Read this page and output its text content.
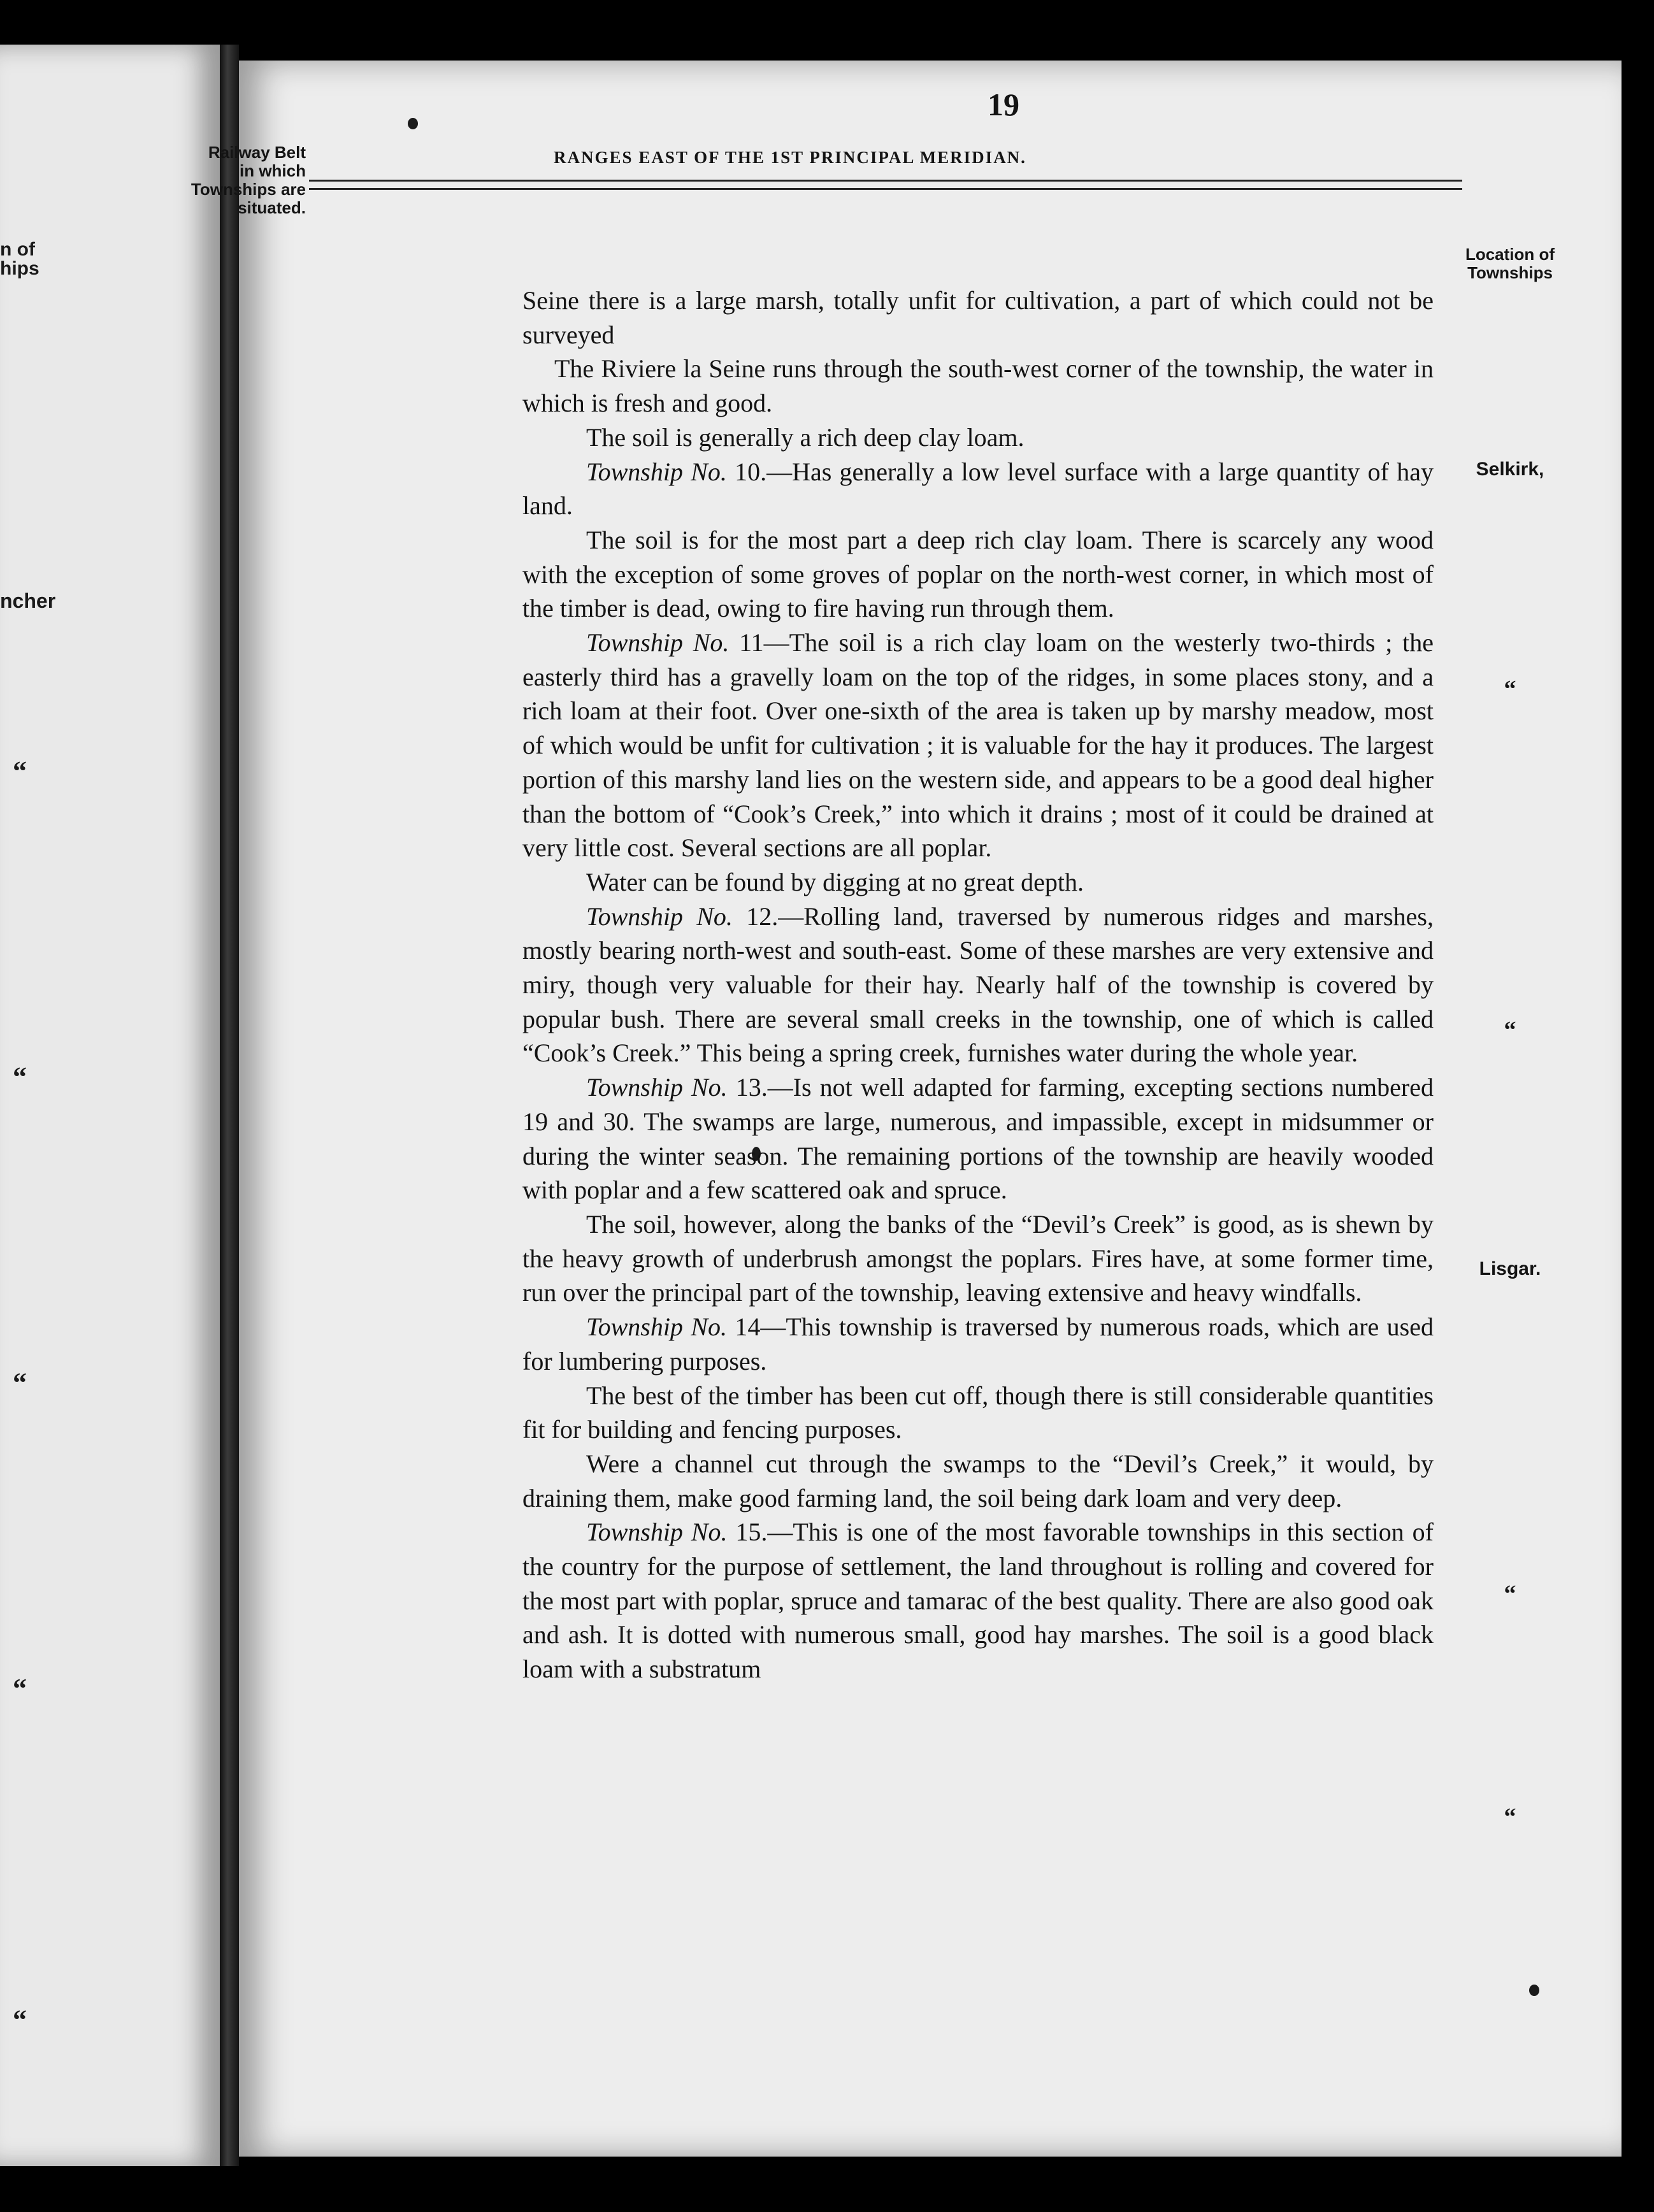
n of
hips
ncher
“
“
“
“
“
19
Railway Belt
in which
Townships are
situated.
RANGES EAST OF THE 1ST PRINCIPAL MERIDIAN.
Location of
Townships

Seine there is a large marsh, totally unfit for cultivation, a part of which could not be surveyed

The Riviere la Seine runs through the south-west corner of the township, the water in which is fresh and good.

The soil is generally a rich deep clay loam.

Township No. 10.—Has generally a low level surface with a large quantity of hay land.

The soil is for the most part a deep rich clay loam. There is scarcely any wood with the exception of some groves of poplar on the north-west corner, in which most of the timber is dead, owing to fire having run through them.

Township No. 11—The soil is a rich clay loam on the westerly two-thirds ; the easterly third has a gravelly loam on the top of the ridges, in some places stony, and a rich loam at their foot. Over one-sixth of the area is taken up by marshy meadow, most of which would be unfit for cultivation ; it is valuable for the hay it produces. The largest portion of this marshy land lies on the western side, and appears to be a good deal higher than the bottom of “Cook’s Creek,” into which it drains ; most of it could be drained at very little cost. Several sections are all poplar.

Water can be found by digging at no great depth.

Township No. 12.—Rolling land, traversed by numerous ridges and marshes, mostly bearing north-west and south-east. Some of these marshes are very extensive and miry, though very valuable for their hay. Nearly half of the township is covered by popular bush. There are several small creeks in the township, one of which is called “Cook’s Creek.” This being a spring creek, furnishes water during the whole year.

Township No. 13.—Is not well adapted for farming, excepting sections numbered 19 and 30. The swamps are large, numerous, and impassible, except in midsummer or during the winter season. The remaining portions of the township are heavily wooded with poplar and a few scattered oak and spruce.

The soil, however, along the banks of the “Devil’s Creek” is good, as is shewn by the heavy growth of underbrush amongst the poplars. Fires have, at some former time, run over the principal part of the township, leaving extensive and heavy windfalls.

Township No. 14—This township is traversed by numerous roads, which are used for lumbering purposes.

The best of the timber has been cut off, though there is still considerable quantities fit for building and fencing purposes.

Were a channel cut through the swamps to the “Devil’s Creek,” it would, by draining them, make good farming land, the soil being dark loam and very deep.

Township No. 15.—This is one of the most favorable townships in this section of the country for the purpose of settlement, the land throughout is rolling and covered for the most part with poplar, spruce and tamarac of the best quality. There are also good oak and ash. It is dotted with numerous small, good hay marshes. The soil is a good black loam with a substratum

Selkirk,
“
“
Lisgar.
“
“
